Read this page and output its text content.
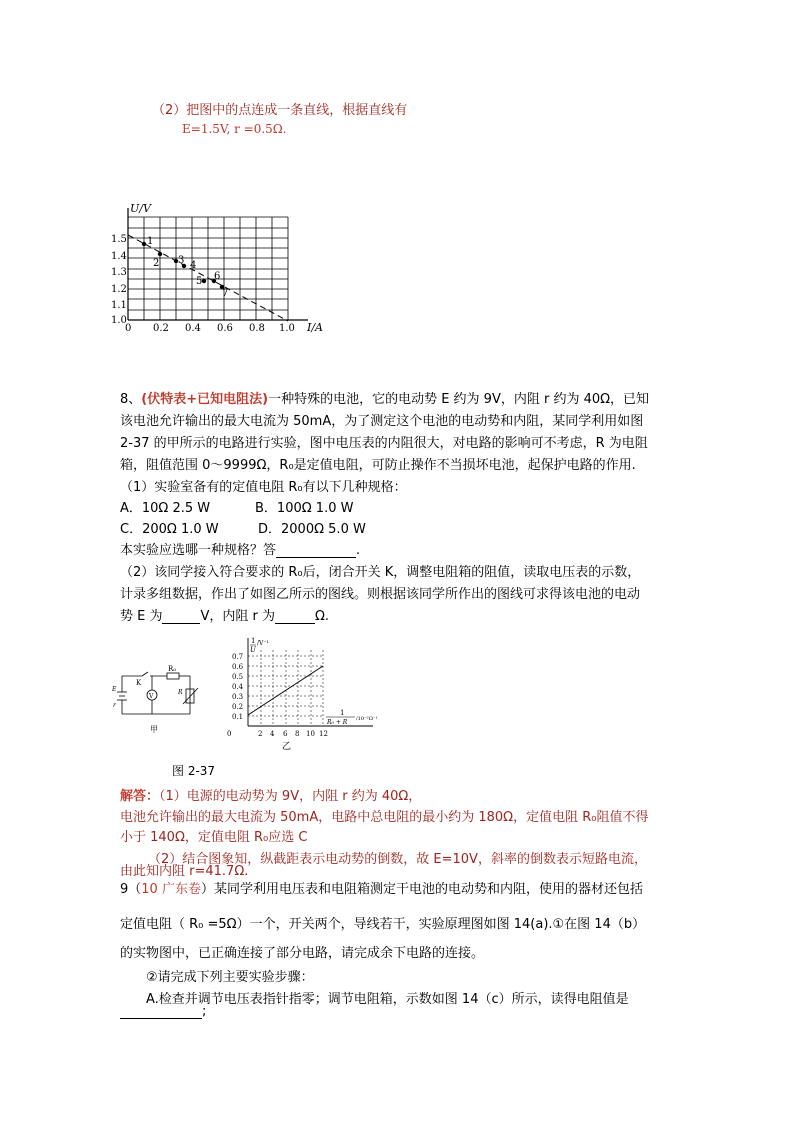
（2）把图中的点连成一条直线，根据直线有
E=1.5V, r =0.5Ω.
U/V
I/A
1.5
1.4
1.3
1.2
1.1
1.0
0 0.2 0.4 0.6 0.8 1.0
1
2 3 4
5 6
7
8、(伏特表+已知电阻法)一种特殊的电池，它的电动势 E 约为 9V，内阻 r 约为 40Ω，已知
该电池允许输出的最大电流为 50mA，为了测定这个电池的电动势和内阻，某同学利用如图
2-37 的甲所示的电路进行实验，图中电压表的内阻很大，对电路的影响可不考虑，R 为电阻
箱，阻值范围 0～9999Ω，R₀是定值电阻，可防止操作不当损坏电池，起保护电路的作用.
（1）实验室备有的定值电阻 R₀有以下几种规格：
A．10Ω 2.5 W	B．100Ω 1.0 W
C．200Ω 1.0 W	D．2000Ω 5.0 W
本实验应选哪一种规格？答	.
（2）该同学接入符合要求的 R₀后，闭合开关 K，调整电阻箱的阻值，读取电压表的示数，
计录多组数据，作出了如图乙所示的图线。则根据该同学所作出的图线可求得该电池的电动
势 E 为	V，内阻 r 为	Ω.
K
R₀
E
r
V
R
甲
1
U
/V⁻¹
0.7
0.6
0.5
0.4
0.3
0.2
0.1
0	2 4 6 8 10 12
1
R₀ + R /10⁻²Ω⁻¹
乙
图 2-37
解答：（1）电源的电动势为 9V，内阻 r 约为 40Ω，
电池允许输出的最大电流为 50mA，电路中总电阻的最小约为 180Ω，定值电阻 R₀阻值不得
小于 140Ω，定值电阻 R₀应选 C
（2）结合图象知，纵截距表示电动势的倒数，故 E=10V，斜率的倒数表示短路电流，
由此知内阻 r=41.7Ω.
9（10 广东卷）某同学利用电压表和电阻箱测定干电池的电动势和内阻，使用的器材还包括
定值电阻（ R₀ =5Ω）一个，开关两个，导线若干，实验原理图如图 14(a).①在图 14（b）
的实物图中，已正确连接了部分电路，请完成余下电路的连接。
②请完成下列主要实验步骤：
A.检查并调节电压表指针指零；调节电阻箱，示数如图 14（c）所示，读得电阻值是
;
